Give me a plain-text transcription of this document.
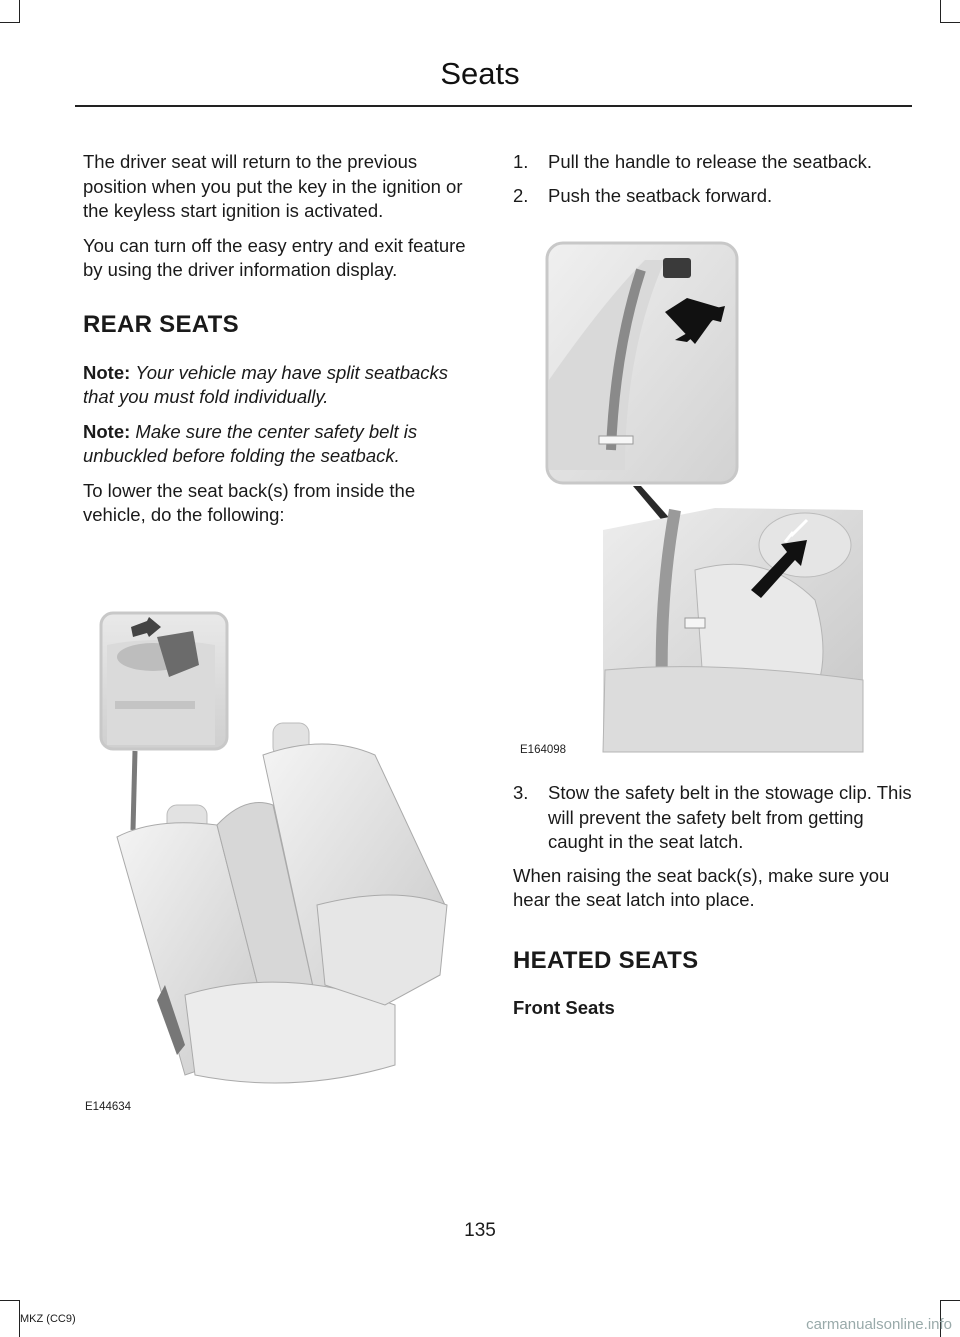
Seats

The driver seat will return to the previous position when you put the key in the ignition or the keyless start ignition is activated.

You can turn off the easy entry and exit feature by using the driver information display.

REAR SEATS

Note: Your vehicle may have split seatbacks that you must fold individually.

Note: Make sure the center safety belt is unbuckled before folding the seatback.

To lower the seat back(s) from inside the vehicle, do the following:

E144634
1. Pull the handle to release the seatback.
2. Push the seatback forward.
E164098
3. Stow the safety belt in the stowage clip. This will prevent the safety belt from getting caught in the seat latch.

When raising the seat back(s), make sure you hear the seat latch into place.

HEATED SEATS
Front Seats
135
MKZ (CC9)	carmanualsonline.info
